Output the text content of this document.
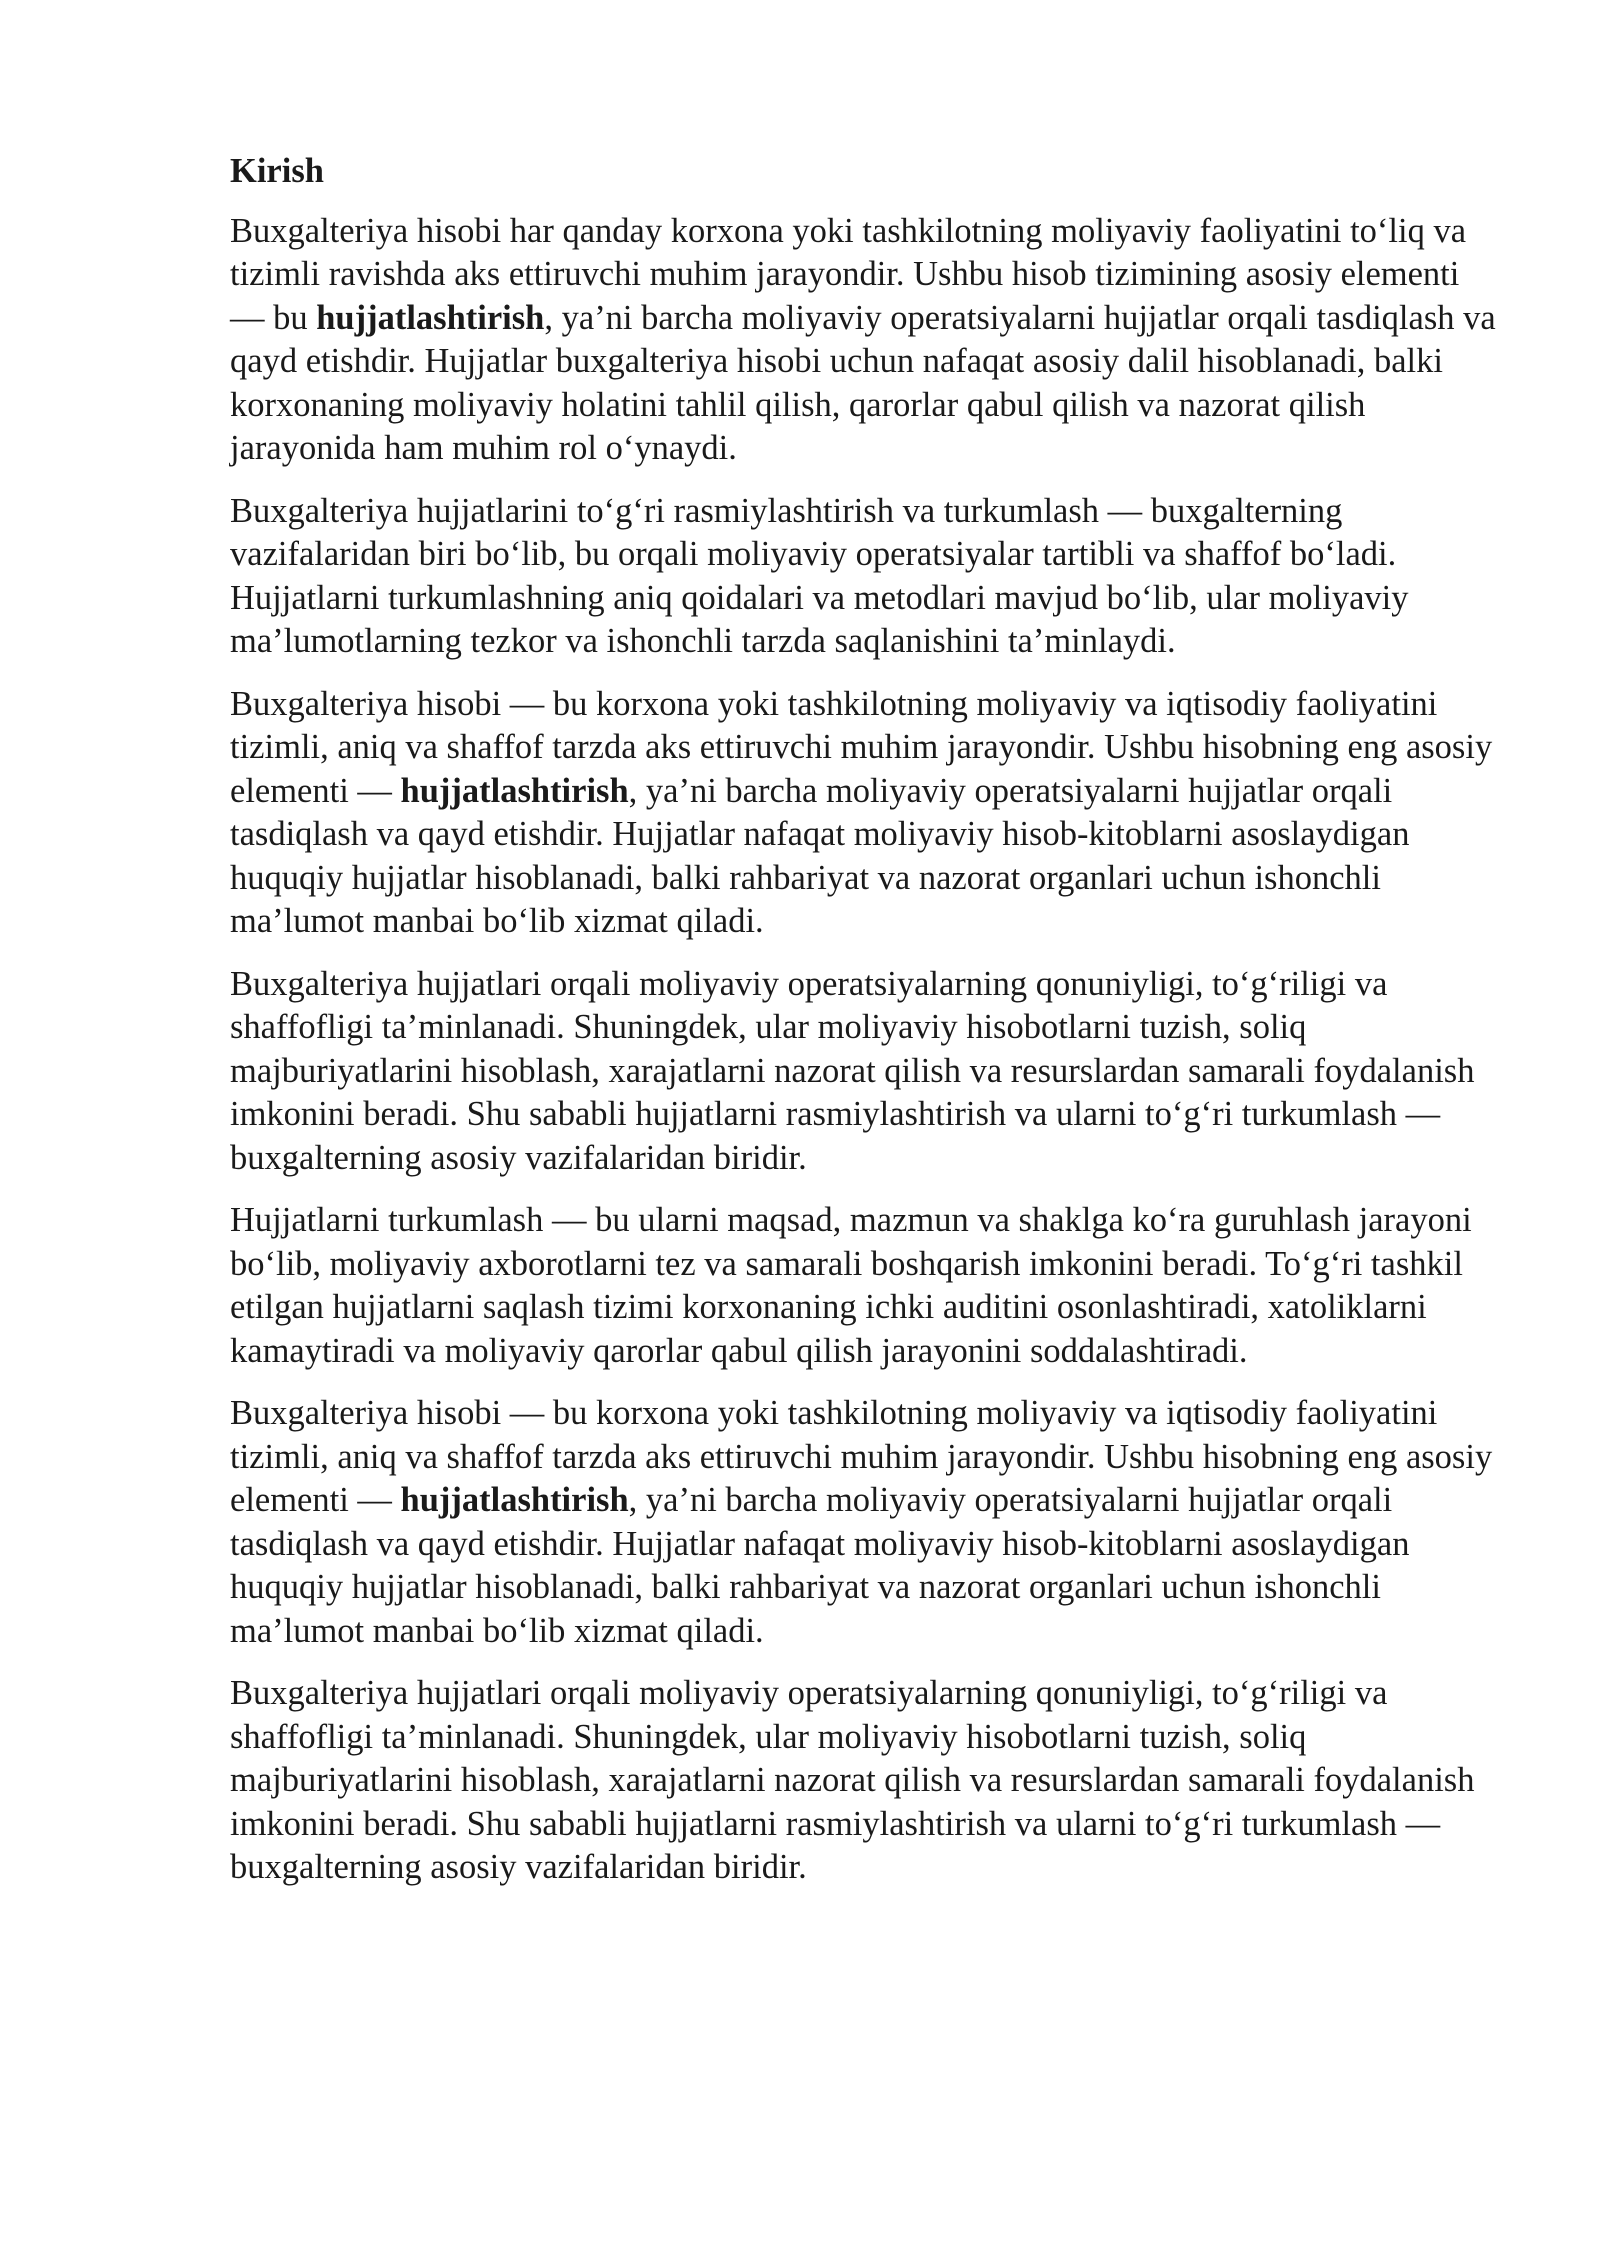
Kirish

Buxgalteriya hisobi har qanday korxona yoki tashkilotning moliyaviy faoliyatini to‘liq va tizimli ravishda aks ettiruvchi muhim jarayondir. Ushbu hisob tizimining asosiy elementi — bu hujjatlashtirish, ya’ni barcha moliyaviy operatsiyalarni hujjatlar orqali tasdiqlash va qayd etishdir. Hujjatlar buxgalteriya hisobi uchun nafaqat asosiy dalil hisoblanadi, balki korxonaning moliyaviy holatini tahlil qilish, qarorlar qabul qilish va nazorat qilish jarayonida ham muhim rol o‘ynaydi.

Buxgalteriya hujjatlarini to‘g‘ri rasmiylashtirish va turkumlash — buxgalterning vazifalaridan biri bo‘lib, bu orqali moliyaviy operatsiyalar tartibli va shaffof bo‘ladi. Hujjatlarni turkumlashning aniq qoidalari va metodlari mavjud bo‘lib, ular moliyaviy ma’lumotlarning tezkor va ishonchli tarzda saqlanishini ta’minlaydi.

Buxgalteriya hisobi — bu korxona yoki tashkilotning moliyaviy va iqtisodiy faoliyatini tizimli, aniq va shaffof tarzda aks ettiruvchi muhim jarayondir. Ushbu hisobning eng asosiy elementi — hujjatlashtirish, ya’ni barcha moliyaviy operatsiyalarni hujjatlar orqali tasdiqlash va qayd etishdir. Hujjatlar nafaqat moliyaviy hisob-kitoblarni asoslaydigan huquqiy hujjatlar hisoblanadi, balki rahbariyat va nazorat organlari uchun ishonchli ma’lumot manbai bo‘lib xizmat qiladi.

Buxgalteriya hujjatlari orqali moliyaviy operatsiyalarning qonuniyligi, to‘g‘riligi va shaffofligi ta’minlanadi. Shuningdek, ular moliyaviy hisobotlarni tuzish, soliq majburiyatlarini hisoblash, xarajatlarni nazorat qilish va resurslardan samarali foydalanish imkonini beradi. Shu sababli hujjatlarni rasmiylashtirish va ularni to‘g‘ri turkumlash — buxgalterning asosiy vazifalaridan biridir.

Hujjatlarni turkumlash — bu ularni maqsad, mazmun va shaklga ko‘ra guruhlash jarayoni bo‘lib, moliyaviy axborotlarni tez va samarali boshqarish imkonini beradi. To‘g‘ri tashkil etilgan hujjatlarni saqlash tizimi korxonaning ichki auditini osonlashtiradi, xatoliklarni kamaytiradi va moliyaviy qarorlar qabul qilish jarayonini soddalashtiradi.

Buxgalteriya hisobi — bu korxona yoki tashkilotning moliyaviy va iqtisodiy faoliyatini tizimli, aniq va shaffof tarzda aks ettiruvchi muhim jarayondir. Ushbu hisobning eng asosiy elementi — hujjatlashtirish, ya’ni barcha moliyaviy operatsiyalarni hujjatlar orqali tasdiqlash va qayd etishdir. Hujjatlar nafaqat moliyaviy hisob-kitoblarni asoslaydigan huquqiy hujjatlar hisoblanadi, balki rahbariyat va nazorat organlari uchun ishonchli ma’lumot manbai bo‘lib xizmat qiladi.

Buxgalteriya hujjatlari orqali moliyaviy operatsiyalarning qonuniyligi, to‘g‘riligi va shaffofligi ta’minlanadi. Shuningdek, ular moliyaviy hisobotlarni tuzish, soliq majburiyatlarini hisoblash, xarajatlarni nazorat qilish va resurslardan samarali foydalanish imkonini beradi. Shu sababli hujjatlarni rasmiylashtirish va ularni to‘g‘ri turkumlash — buxgalterning asosiy vazifalaridan biridir.
